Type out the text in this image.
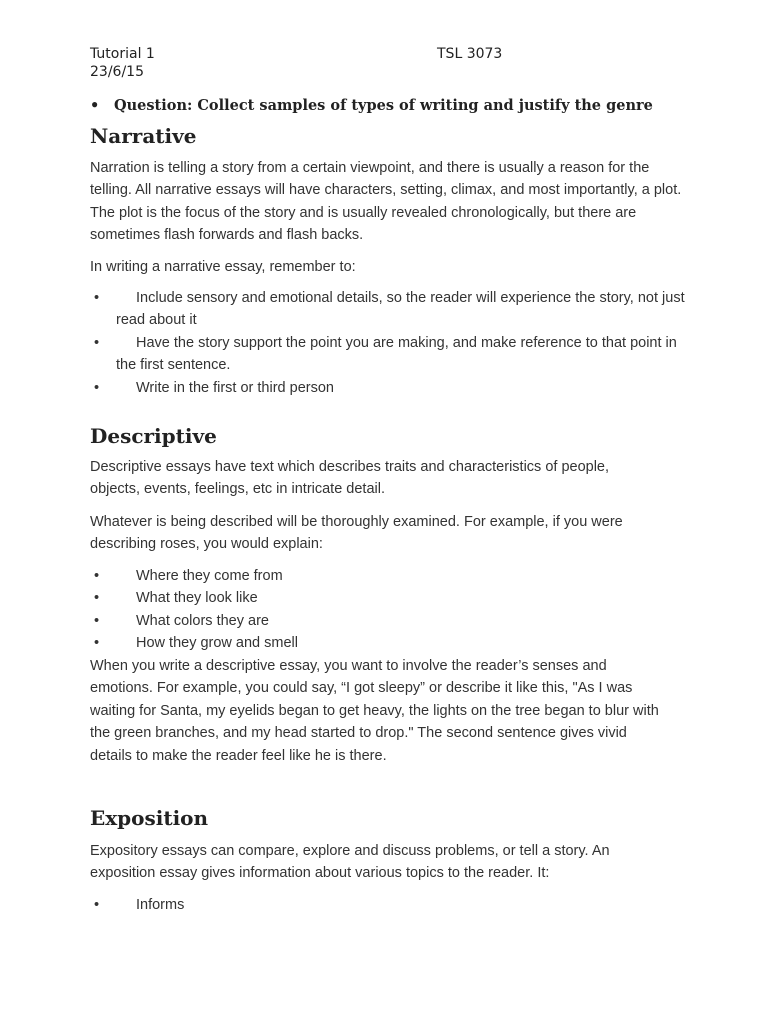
Tutorial 1
23/6/15
TSL 3073
•	Question: Collect samples of types of writing and justify the genre
Narrative

Narration is telling a story from a certain viewpoint, and there is usually a reason for the telling. All narrative essays will have characters, setting, climax, and most importantly, a plot. The plot is the focus of the story and is usually revealed chronologically, but there are sometimes flash forwards and flash backs.

In writing a narrative essay, remember to:

•	Include sensory and emotional details, so the reader will experience the story, not just read about it
•	Have the story support the point you are making, and make reference to that point in the first sentence.
•	Write in the first or third person
Descriptive

Descriptive essays have text which describes traits and characteristics of people, objects, events, feelings, etc in intricate detail.

Whatever is being described will be thoroughly examined. For example, if you were describing roses, you would explain:

•	Where they come from
•	What they look like
•	What colors they are
•	How they grow and smell

When you write a descriptive essay, you want to involve the reader’s senses and emotions. For example, you could say, “I got sleepy” or describe it like this, "As I was waiting for Santa, my eyelids began to get heavy, the lights on the tree began to blur with the green branches, and my head started to drop." The second sentence gives vivid details to make the reader feel like he is there.

Exposition

Expository essays can compare, explore and discuss problems, or tell a story. An exposition essay gives information about various topics to the reader. It:

•	Informs
